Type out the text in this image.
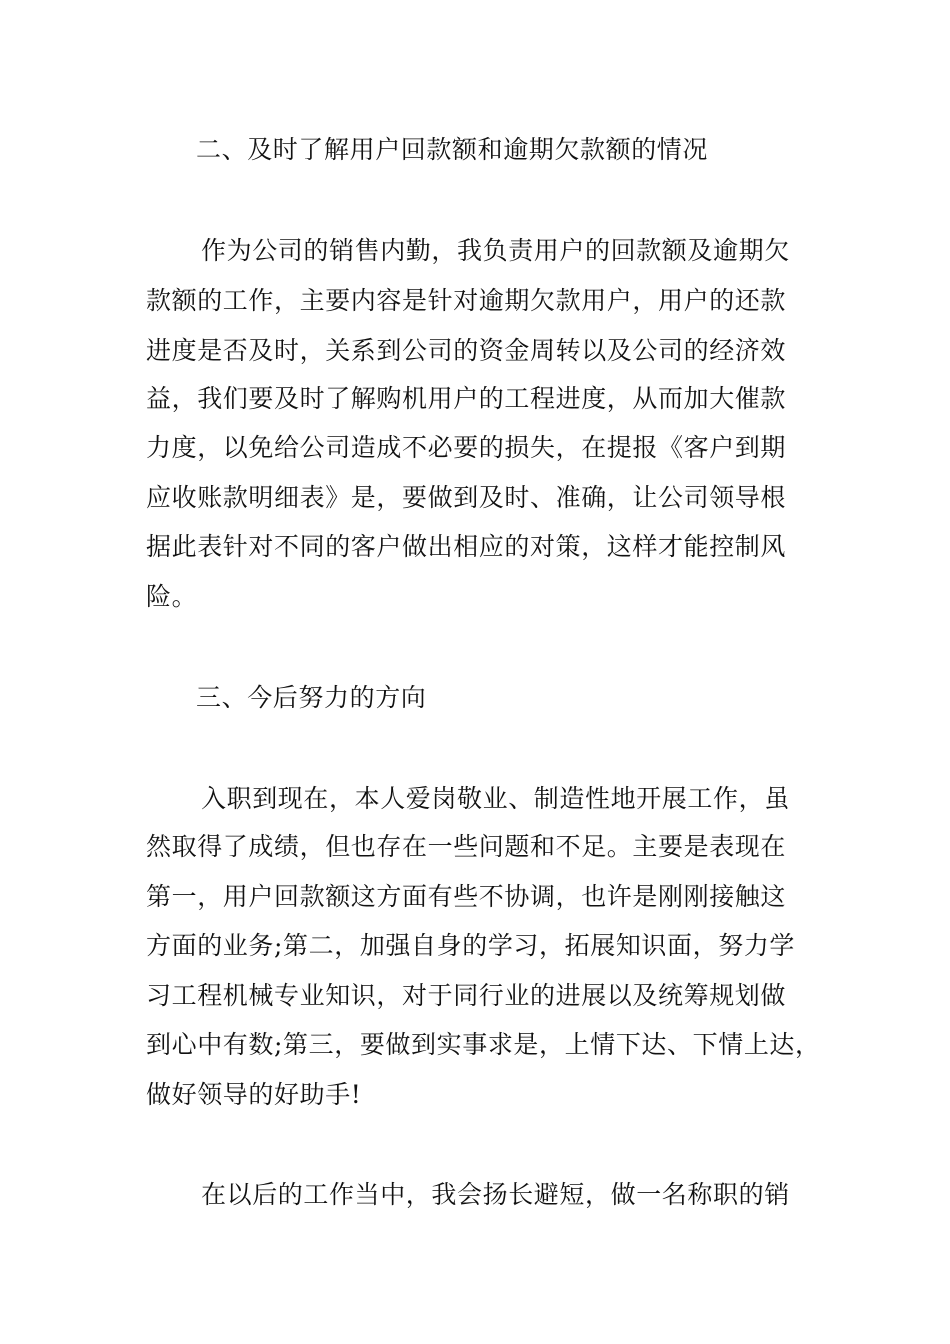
二、及时了解用户回款额和逾期欠款额的情况
作为公司的销售内勤，我负责用户的回款额及逾期欠
款额的工作，主要内容是针对逾期欠款用户，用户的还款
进度是否及时，关系到公司的资金周转以及公司的经济效
益，我们要及时了解购机用户的工程进度，从而加大催款
力度，以免给公司造成不必要的损失，在提报《客户到期
应收账款明细表》是，要做到及时、准确，让公司领导根
据此表针对不同的客户做出相应的对策，这样才能控制风
险。
三、今后努力的方向
入职到现在，本人爱岗敬业、制造性地开展工作，虽
然取得了成绩，但也存在一些问题和不足。主要是表现在
第一，用户回款额这方面有些不协调，也许是刚刚接触这
方面的业务;第二，加强自身的学习，拓展知识面，努力学
习工程机械专业知识，对于同行业的进展以及统筹规划做
到心中有数;第三，要做到实事求是，上情下达、下情上达，
做好领导的好助手!
在以后的工作当中，我会扬长避短，做一名称职的销
